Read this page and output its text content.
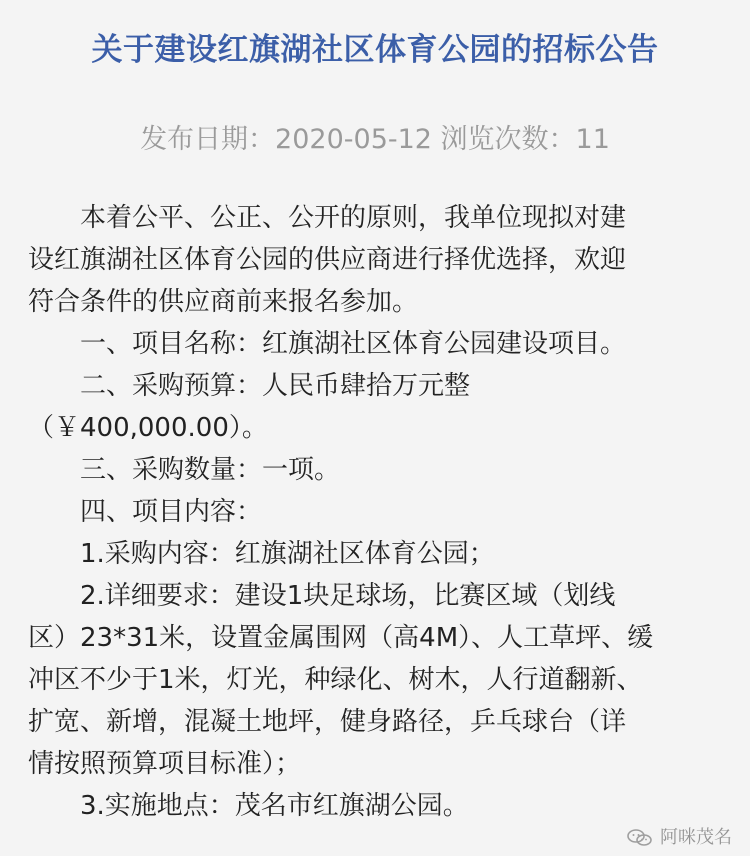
关于建设红旗湖社区体育公园的招标公告
发布日期：2020-05-12 浏览次数：11

本着公平、公正、公开的原则，我单位现拟对建

设红旗湖社区体育公园的供应商进行择优选择，欢迎

符合条件的供应商前来报名参加。

一、项目名称：红旗湖社区体育公园建设项目。

二、采购预算：人民币肆拾万元整

（￥400,000.00）。

三、采购数量：一项。

四、项目内容：

1.采购内容：红旗湖社区体育公园；

2.详细要求：建设1块足球场，比赛区域（划线

区）23*31米，设置金属围网（高4M）、人工草坪、缓

冲区不少于1米，灯光，种绿化、树木，人行道翻新、

扩宽、新增，混凝土地坪，健身路径，乒乓球台（详

情按照预算项目标准）；

3.实施地点：茂名市红旗湖公园。

阿咪茂名
